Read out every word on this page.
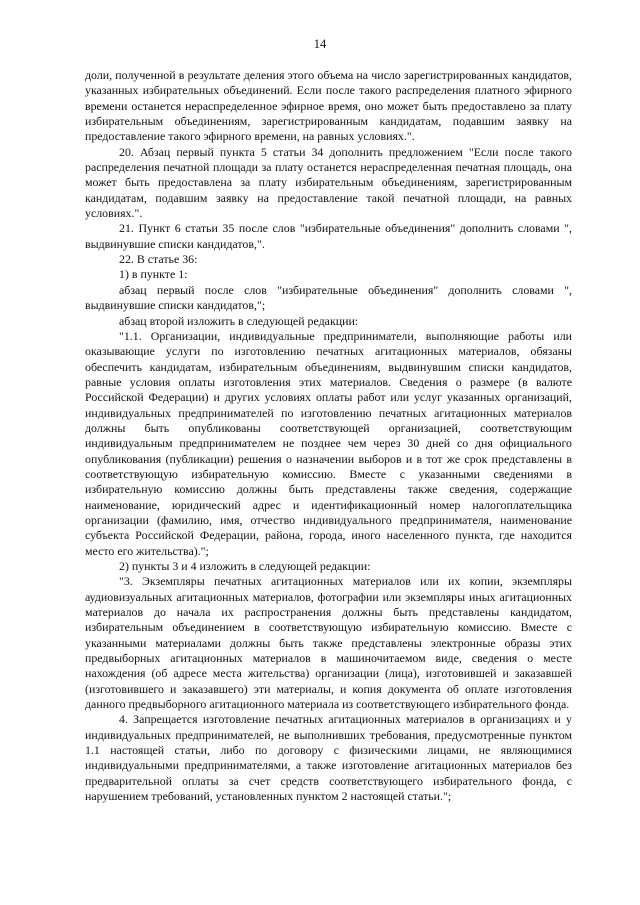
14

доли, полученной в результате деления этого объема на число зарегистрированных кандидатов, указанных избирательных объединений. Если после такого распределения платного эфирного времени останется нераспределенное эфирное время, оно может быть предоставлено за плату избирательным объединениям, зарегистрированным кандидатам, подавшим заявку на предоставление такого эфирного времени, на равных условиях.".

20. Абзац первый пункта 5 статьи 34 дополнить предложением "Если после такого распределения печатной площади за плату останется нераспределенная печатная площадь, она может быть предоставлена за плату избирательным объединениям, зарегистрированным кандидатам, подавшим заявку на предоставление такой печатной площади, на равных условиях.".

21. Пункт 6 статьи 35 после слов "избирательные объединения" дополнить словами ", выдвинувшие списки кандидатов,".

22. В статье 36:

1) в пункте 1:

абзац первый после слов "избирательные объединения" дополнить словами ", выдвинувшие списки кандидатов,";

абзац второй изложить в следующей редакции:

"1.1. Организации, индивидуальные предприниматели, выполняющие работы или оказывающие услуги по изготовлению печатных агитационных материалов, обязаны обеспечить кандидатам, избирательным объединениям, выдвинувшим списки кандидатов, равные условия оплаты изготовления этих материалов. Сведения о размере (в валюте Российской Федерации) и других условиях оплаты работ или услуг указанных организаций, индивидуальных предпринимателей по изготовлению печатных агитационных материалов должны быть опубликованы соответствующей организацией, соответствующим индивидуальным предпринимателем не позднее чем через 30 дней со дня официального опубликования (публикации) решения о назначении выборов и в тот же срок представлены в соответствующую избирательную комиссию. Вместе с указанными сведениями в избирательную комиссию должны быть представлены также сведения, содержащие наименование, юридический адрес и идентификационный номер налогоплательщика организации (фамилию, имя, отчество индивидуального предпринимателя, наименование субъекта Российской Федерации, района, города, иного населенного пункта, где находится место его жительства).";

2) пункты 3 и 4 изложить в следующей редакции:

"3. Экземпляры печатных агитационных материалов или их копии, экземпляры аудиовизуальных агитационных материалов, фотографии или экземпляры иных агитационных материалов до начала их распространения должны быть представлены кандидатом, избирательным объединением в соответствующую избирательную комиссию. Вместе с указанными материалами должны быть также представлены электронные образы этих предвыборных агитационных материалов в машиночитаемом виде, сведения о месте нахождения (об адресе места жительства) организации (лица), изготовившей и заказавшей (изготовившего и заказавшего) эти материалы, и копия документа об оплате изготовления данного предвыборного агитационного материала из соответствующего избирательного фонда.

4. Запрещается изготовление печатных агитационных материалов в организациях и у индивидуальных предпринимателей, не выполнивших требования, предусмотренные пунктом 1.1 настоящей статьи, либо по договору с физическими лицами, не являющимися индивидуальными предпринимателями, а также изготовление агитационных материалов без предварительной оплаты за счет средств соответствующего избирательного фонда, с нарушением требований, установленных пунктом 2 настоящей статьи.";
